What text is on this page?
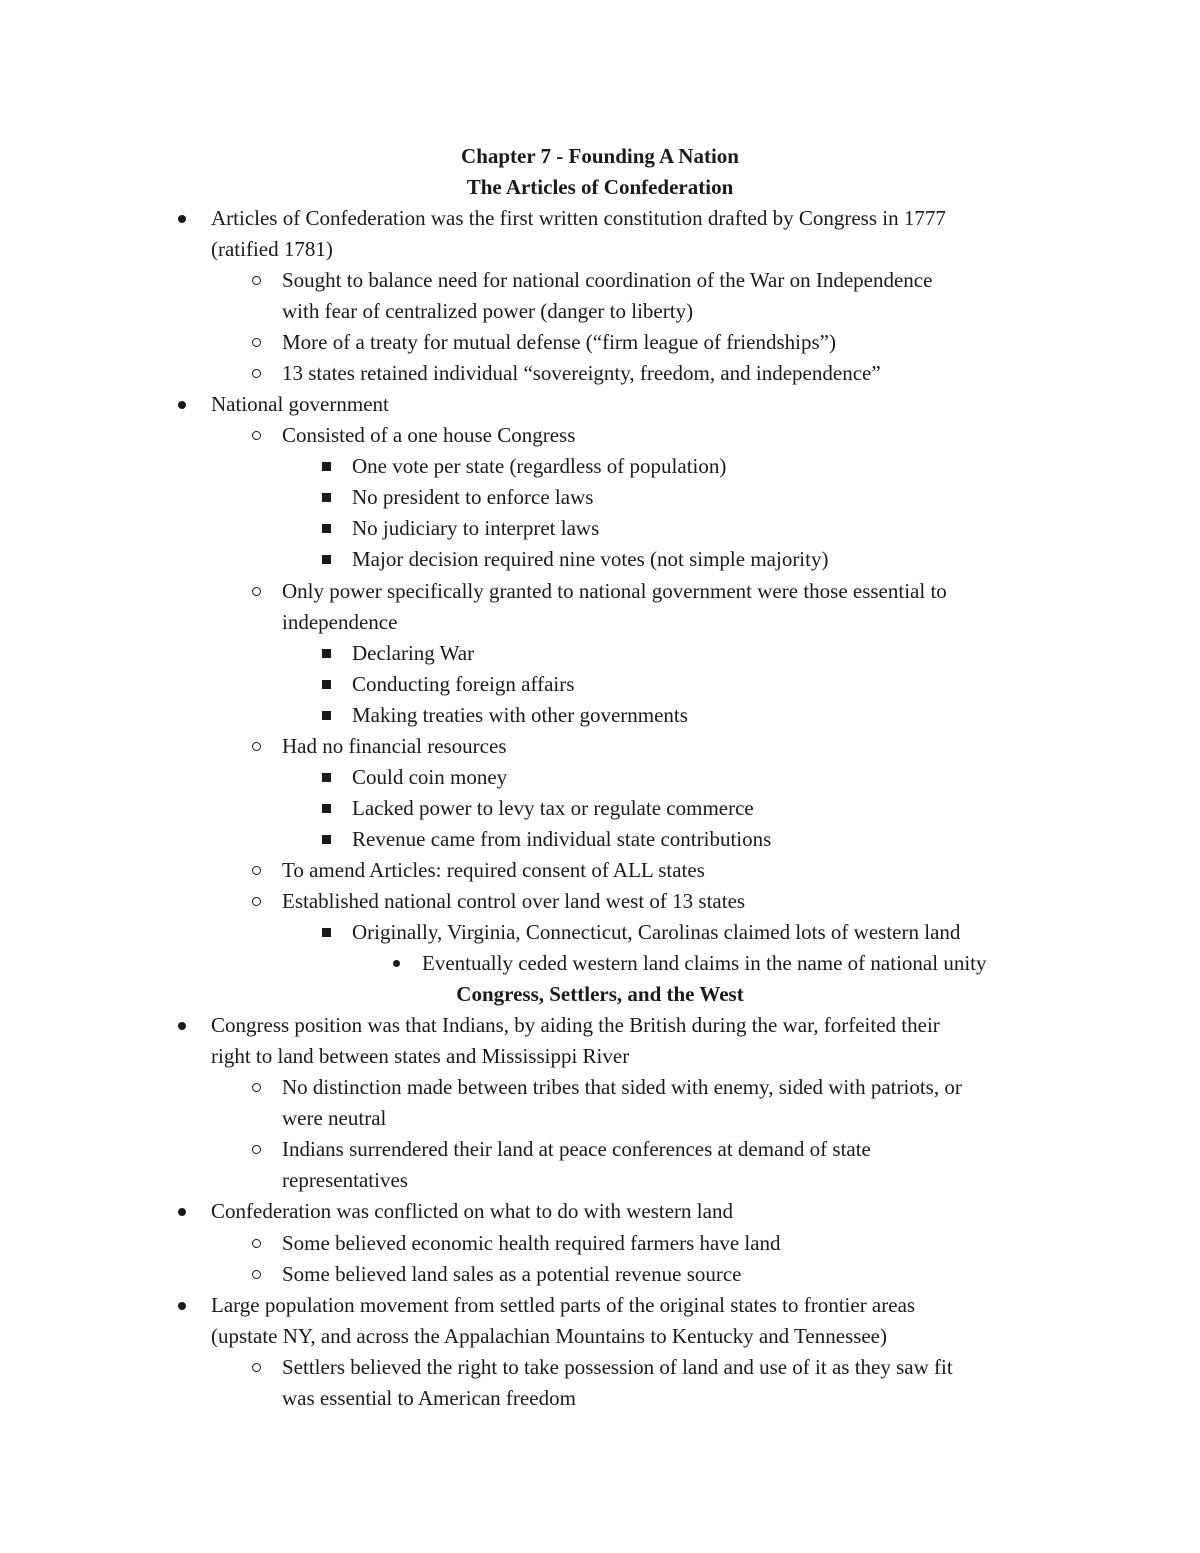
Chapter 7 - Founding A Nation
The Articles of Confederation
Articles of Confederation was the first written constitution drafted by Congress in 1777
(ratified 1781)
Sought to balance need for national coordination of the War on Independence
with fear of centralized power (danger to liberty)
More of a treaty for mutual defense (“firm league of friendships”)
13 states retained individual “sovereignty, freedom, and independence”
National government
Consisted of a one house Congress
One vote per state (regardless of population)
No president to enforce laws
No judiciary to interpret laws
Major decision required nine votes (not simple majority)
Only power specifically granted to national government were those essential to
independence
Declaring War
Conducting foreign affairs
Making treaties with other governments
Had no financial resources
Could coin money
Lacked power to levy tax or regulate commerce
Revenue came from individual state contributions
To amend Articles: required consent of ALL states
Established national control over land west of 13 states
Originally, Virginia, Connecticut, Carolinas claimed lots of western land
Eventually ceded western land claims in the name of national unity
Congress, Settlers, and the West
Congress position was that Indians, by aiding the British during the war, forfeited their
right to land between states and Mississippi River
No distinction made between tribes that sided with enemy, sided with patriots, or
were neutral
Indians surrendered their land at peace conferences at demand of state
representatives
Confederation was conflicted on what to do with western land
Some believed economic health required farmers have land
Some believed land sales as a potential revenue source
Large population movement from settled parts of the original states to frontier areas
(upstate NY, and across the Appalachian Mountains to Kentucky and Tennessee)
Settlers believed the right to take possession of land and use of it as they saw fit
was essential to American freedom
